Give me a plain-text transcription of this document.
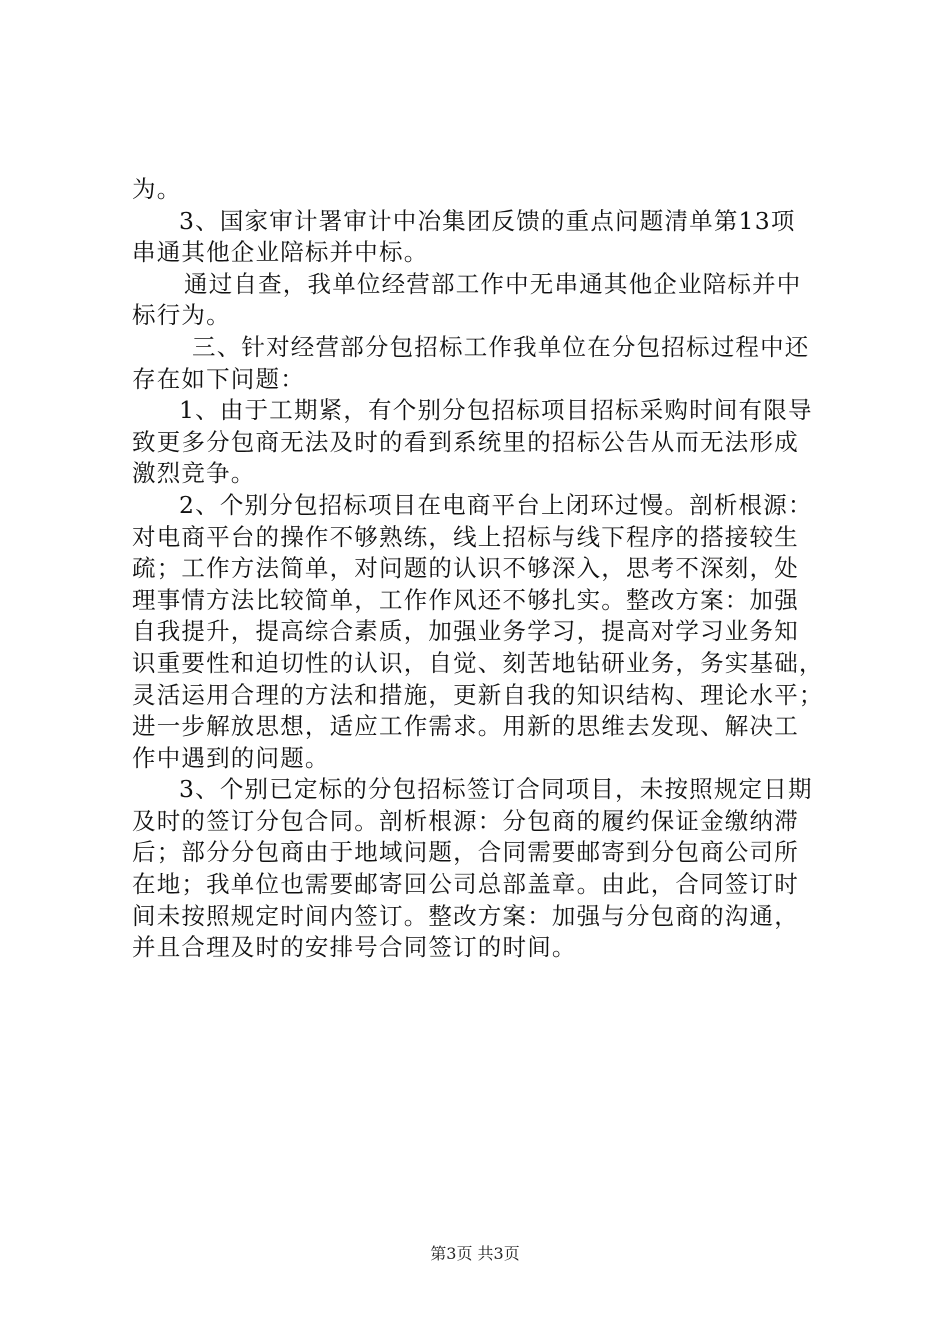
为。
3、国家审计署审计中冶集团反馈的重点问题清单第13项
串通其他企业陪标并中标。
通过自查，我单位经营部工作中无串通其他企业陪标并中
标行为。
三、针对经营部分包招标工作我单位在分包招标过程中还
存在如下问题：
1、由于工期紧，有个别分包招标项目招标采购时间有限导
致更多分包商无法及时的看到系统里的招标公告从而无法形成
激烈竞争。
2、个别分包招标项目在电商平台上闭环过慢。剖析根源：
对电商平台的操作不够熟练，线上招标与线下程序的搭接较生
疏；工作方法简单，对问题的认识不够深入，思考不深刻，处
理事情方法比较简单，工作作风还不够扎实。整改方案：加强
自我提升，提高综合素质，加强业务学习，提高对学习业务知
识重要性和迫切性的认识，自觉、刻苦地钻研业务，务实基础，
灵活运用合理的方法和措施，更新自我的知识结构、理论水平；
进一步解放思想，适应工作需求。用新的思维去发现、解决工
作中遇到的问题。
3、个别已定标的分包招标签订合同项目，未按照规定日期
及时的签订分包合同。剖析根源：分包商的履约保证金缴纳滞
后；部分分包商由于地域问题，合同需要邮寄到分包商公司所
在地；我单位也需要邮寄回公司总部盖章。由此，合同签订时
间未按照规定时间内签订。整改方案：加强与分包商的沟通，
并且合理及时的安排号合同签订的时间。
第3页 共3页
